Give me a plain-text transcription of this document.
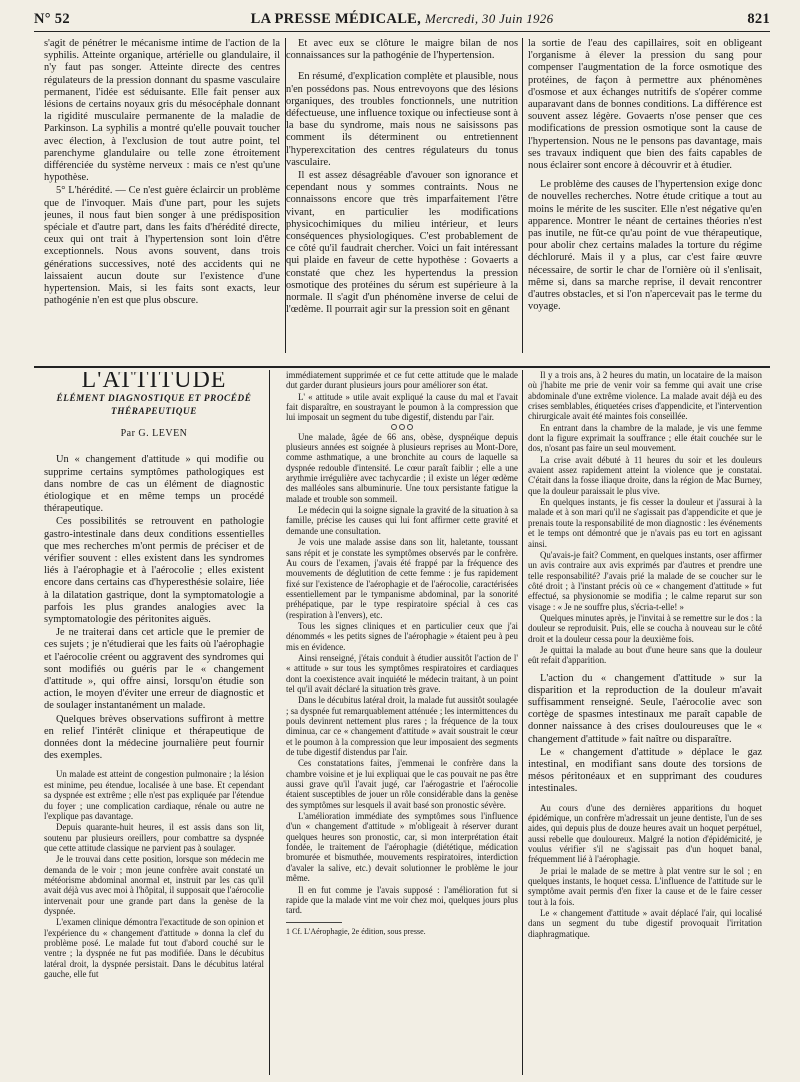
N° 52	LA PRESSE MÉDICALE, Mercredi, 30 Juin 1926	821

s'agit de pénétrer le mécanisme intime de l'action de la syphilis. Atteinte organique, artérielle ou glandulaire, il n'y faut pas songer. Atteinte directe des centres régulateurs de la pression donnant du spasme vasculaire permanent, l'idée est séduisante. Elle fait penser aux lésions de certains noyaux gris du mésocéphale donnant la rigidité musculaire permanente de la maladie de Parkinson. La syphilis a montré qu'elle pouvait toucher avec élection, à l'exclusion de tout autre point, tel parenchyme glandulaire ou telle zone étroitement différenciée du système nerveux : mais ce n'est qu'une hypothèse.

5° L'hérédité. — Ce n'est guère éclaircir un problème que de l'invoquer. Mais d'une part, pour les sujets jeunes, il nous faut bien songer à une prédisposition spéciale et d'autre part, dans les faits d'hérédité directe, ceux qui ont trait à l'hypertension sont loin d'être exceptionnels. Nous avons souvent, dans trois générations successives, noté des accidents qui ne laissaient aucun doute sur l'existence d'une hypertension. Mais, si les faits sont exacts, leur pathogénie n'en est que plus obscure.

Et avec eux se clôture le maigre bilan de nos connaissances sur la pathogénie de l'hypertension.

En résumé, d'explication complète et plausible, nous n'en possédons pas. Nous entrevoyons que des lésions organiques, des troubles fonctionnels, une nutrition défectueuse, une influence toxique ou infectieuse sont à la base du syndrome, mais nous ne saisissons pas comment ils déterminent ou entretiennent l'hyperexcitation des centres régulateurs du tonus vasculaire.

Il est assez désagréable d'avouer son ignorance et cependant nous y sommes contraints. Nous ne connaissons encore que très imparfaitement l'être vivant, en particulier les modifications physicochimiques du milieu intérieur, et leurs conséquences physiologiques. C'est probablement de ce côté qu'il faudrait chercher. Voici un fait intéressant qui plaide en faveur de cette hypothèse : Govaerts a constaté que chez les hypertendus la pression osmotique des protéines du sérum est supérieure à la normale. Il s'agit d'un phénomène inverse de celui de l'œdème. Il pourrait agir sur la pression soit en gênant

la sortie de l'eau des capillaires, soit en obligeant l'organisme à élever la pression du sang pour compenser l'augmentation de la force osmotique des protéines, de façon à permettre aux phénomènes d'osmose et aux échanges nutritifs de s'opérer comme auparavant dans de bonnes conditions. La différence est souvent assez légère. Govaerts n'ose penser que ces modifications de pression osmotique sont la cause de l'hypertension. Nous ne le pensons pas davantage, mais ses travaux indiquent que bien des faits capables de nous éclairer sont encore à découvrir et à étudier.

Le problème des causes de l'hypertension exige donc de nouvelles recherches. Notre étude critique a tout au moins le mérite de les susciter. Elle n'est négative qu'en apparence. Montrer le néant de certaines théories n'est pas inutile, ne fût-ce qu'au point de vue thérapeutique, pour abolir chez certains malades la torture du régime déchloruré. Mais il y a plus, car c'est faire œuvre nécessaire, de sortir le char de l'ornière où il s'enlisait, même si, dans sa marche reprise, il devait rencontrer d'autres obstacles, et si l'on n'apercevait pas le terme du voyage.

L'ATTITUDE
ÉLÉMENT DIAGNOSTIQUE ET PROCÉDÉ
THÉRAPEUTIQUE
Par G. LEVEN

Un « changement d'attitude » qui modifie ou supprime certains symptômes pathologiques est dans nombre de cas un élément de diagnostic étiologique et en même temps un procédé thérapeutique.

Ces possibilités se retrouvent en pathologie gastro-intestinale dans deux conditions essentielles que mes recherches m'ont permis de préciser et de vérifier souvent : elles existent dans les syndromes liés à l'aérophagie et à l'aérocolie ; elles existent encore dans certains cas d'hyperesthésie solaire, liée à la dilatation gastrique, dont la symptomatologie a parfois les plus grandes analogies avec la symptomatologie des péritonites aiguës.

Je ne traiterai dans cet article que le premier de ces sujets ; je n'étudierai que les faits où l'aérophagie et l'aérocolie créent ou aggravent des syndromes qui sont modifiés ou guéris par le « changement d'attitude », qui offre ainsi, lorsqu'on étudie son action, le moyen d'éviter une erreur de diagnostic et de soulager instantanément un malade.

Quelques brèves observations suffiront à mettre en relief l'intérêt clinique et thérapeutique de données dont la médecine journalière peut fournir des exemples.

Un malade est atteint de congestion pulmonaire ; la lésion est minime, peu étendue, localisée à une base. Et cependant sa dyspnée est extrême ; elle n'est pas expliquée par l'étendue du foyer ; une complication cardiaque, rénale ou autre ne l'explique pas davantage.

Depuis quarante-huit heures, il est assis dans son lit, soutenu par plusieurs oreillers, pour combattre sa dyspnée que cette attitude classique ne parvient pas à soulager.

Je le trouvai dans cette position, lorsque son médecin me demanda de le voir ; mon jeune confrère avait constaté un météorisme abdominal anormal et, instruit par les cas qu'il avait déjà vus avec moi à l'hôpital, il supposait que l'aérocolie intervenait pour une grande part dans la genèse de la dyspnée.

L'examen clinique démontra l'exactitude de son opinion et l'expérience du « changement d'attitude » donna la clef du problème posé. Le malade fut tout d'abord couché sur le ventre ; la dyspnée ne fut pas modifiée. Dans le décubitus latéral droit, la dyspnée persistait. Dans le décubitus latéral gauche, elle fut

immédiatement supprimée et ce fut cette attitude que le malade dut garder durant plusieurs jours pour améliorer son état.

L' « attitude » utile avait expliqué la cause du mal et l'avait fait disparaître, en soustrayant le poumon à la compression que lui imposait un segment du tube digestif, distendu par l'air.

Une malade, âgée de 66 ans, obèse, dyspnéique depuis plusieurs années est soignée à plusieurs reprises au Mont-Dore, comme asthmatique, a une bronchite au cours de laquelle sa dyspnée redouble d'intensité. Le cœur paraît faiblir ; elle a une arythmie irrégulière avec tachycardie ; il existe un léger œdème des malléoles sans albuminurie. Une toux persistante fatigue la malade et trouble son sommeil.

Le médecin qui la soigne signale la gravité de la situation à sa famille, précise les causes qui lui font affirmer cette gravité et demande une consultation.

Je vois une malade assise dans son lit, haletante, toussant sans répit et je constate les symptômes observés par le confrère. Au cours de l'examen, j'avais été frappé par la fréquence des mouvements de déglutition de cette femme : je fus rapidement fixé sur l'existence de l'aérophagie et de l'aérocolie, caractérisées essentiellement par le tympanisme abdominal, par la sonorité préhépatique, par le type respiratoire spécial à ces cas (respiration à l'envers), etc.

Tous les signes cliniques et en particulier ceux que j'ai dénommés « les petits signes de l'aérophagie » étaient peu à peu mis en évidence.

Ainsi renseigné, j'étais conduit à étudier aussitôt l'action de l' « attitude » sur tous les symptômes respiratoires et cardiaques dont la coexistence avait inquiété le médecin traitant, à un point tel qu'il avait déclaré la situation très grave.

Dans le décubitus latéral droit, la malade fut aussitôt soulagée ; sa dyspnée fut remarquablement atténuée ; les intermittences du pouls devinrent nettement plus rares ; la fréquence de la toux diminua, car ce « changement d'attitude » avait soustrait le cœur et le poumon à la compression que leur imposaient des segments de tube digestif distendus par l'air.

Ces constatations faites, j'emmenai le confrère dans la chambre voisine et je lui expliquai que le cas pouvait ne pas être aussi grave qu'il l'avait jugé, car l'aérogastrie et l'aérocolie étaient susceptibles de jouer un rôle considérable dans la genèse des symptômes sur lesquels il avait basé son pronostic sévère.

L'amélioration immédiate des symptômes sous l'influence d'un « changement d'attitude » m'obligeait à réserver durant quelques heures son pronostic, car, si mon interprétation était fondée, le traitement de l'aérophagie (diététique, médication bromurée et bismuthée, mouvements respiratoires, interdiction d'avaler la salive, etc.) devait solutionner le problème le jour même.

Il en fut comme je l'avais supposé : l'amélioration fut si rapide que la malade vint me voir chez moi, quelques jours plus tard.

1 Cf. L'Aérophagie, 2e édition, sous presse.

Il y a trois ans, à 2 heures du matin, un locataire de la maison où j'habite me prie de venir voir sa femme qui avait une crise abdominale d'une extrême violence. La malade avait déjà eu des crises semblables, étiquetées crises d'appendicite, et l'intervention chirurgicale avait été maintes fois conseillée.

En entrant dans la chambre de la malade, je vis une femme dont la figure exprimait la souffrance ; elle était couchée sur le dos, n'osant pas faire un seul mouvement.

La crise avait débuté à 11 heures du soir et les douleurs avaient assez rapidement atteint la violence que je constatai. C'était dans la fosse iliaque droite, dans la région de Mac Burney, que la douleur paraissait le plus vive.

En quelques instants, je fis cesser la douleur et j'assurai à la malade et à son mari qu'il ne s'agissait pas d'appendicite et que je prenais toute la responsabilité de mon diagnostic : les événements et le temps ont démontré que je n'avais pas eu tort en agissant ainsi.

Qu'avais-je fait? Comment, en quelques instants, oser affirmer un avis contraire aux avis exprimés par d'autres et prendre une telle responsabilité? J'avais prié la malade de se coucher sur le côté droit ; à l'instant précis où ce « changement d'attitude » fut effectué, sa physionomie se modifia ; le calme reparut sur son visage : « Je ne souffre plus, s'écria-t-elle! »

Quelques minutes après, je l'invitai à se remettre sur le dos : la douleur se reproduisit. Puis, elle se coucha à nouveau sur le côté droit et la douleur cessa pour la deuxième fois.

Je quittai la malade au bout d'une heure sans que la douleur eût refait d'apparition.

L'action du « changement d'attitude » sur la disparition et la reproduction de la douleur m'avait suffisamment renseigné. Seule, l'aérocolie avec son cortège de spasmes intestinaux me paraît capable de donner naissance à des crises douloureuses que le « changement d'attitude » fait naître ou disparaître.

Le « changement d'attitude » déplace le gaz intestinal, en modifiant sans doute des torsions de mésos péritonéaux et en supprimant des coudures intestinales.

Au cours d'une des dernières apparitions du hoquet épidémique, un confrère m'adressait un jeune dentiste, l'un de ses aides, qui depuis plus de douze heures avait un hoquet perpétuel, aussi rebelle que douloureux. Malgré la notion d'épidémicité, je voulus vérifier s'il ne s'agissait pas d'un hoquet banal, fréquemment lié à l'aérophagie.

Je priai le malade de se mettre à plat ventre sur le sol ; en quelques instants, le hoquet cessa. L'influence de l'attitude sur le symptôme avait permis d'en fixer la cause et de le faire cesser tout à la fois.

Le « changement d'attitude » avait déplacé l'air, qui localisé dans un segment du tube digestif provoquait l'irritation diaphragmatique.
